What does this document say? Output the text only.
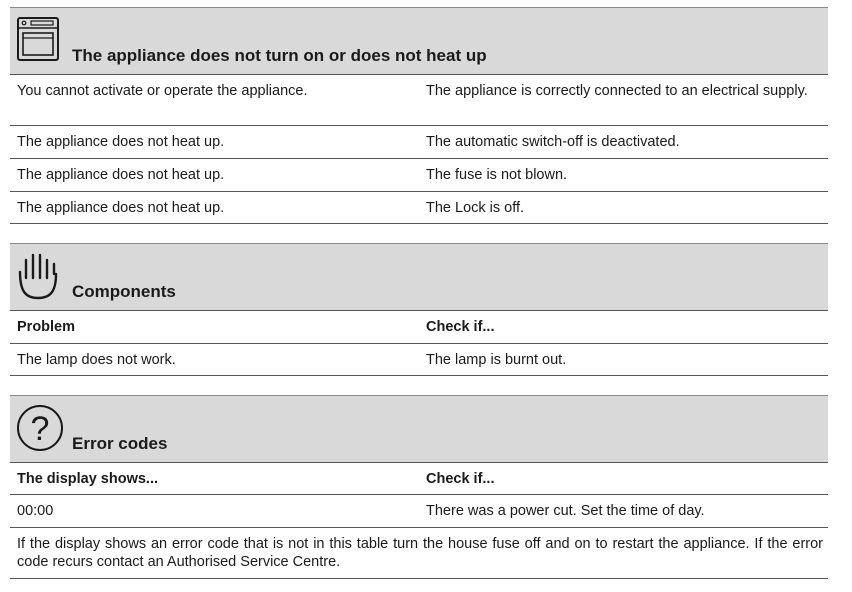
The appliance does not turn on or does not heat up
You cannot activate or operate the appliance.	The appliance is correctly connected to an electrical supply.
The appliance does not heat up.	The automatic switch-off is deactivated.
The appliance does not heat up.	The fuse is not blown.
The appliance does not heat up.	The Lock is off.
Components
Problem	Check if...
The lamp does not work.	The lamp is burnt out.
? Error codes
The display shows...	Check if...
00:00	There was a power cut. Set the time of day.
If the display shows an error code that is not in this table turn the house fuse off and on to restart the appliance. If the error code recurs contact an Authorised Service Centre.
